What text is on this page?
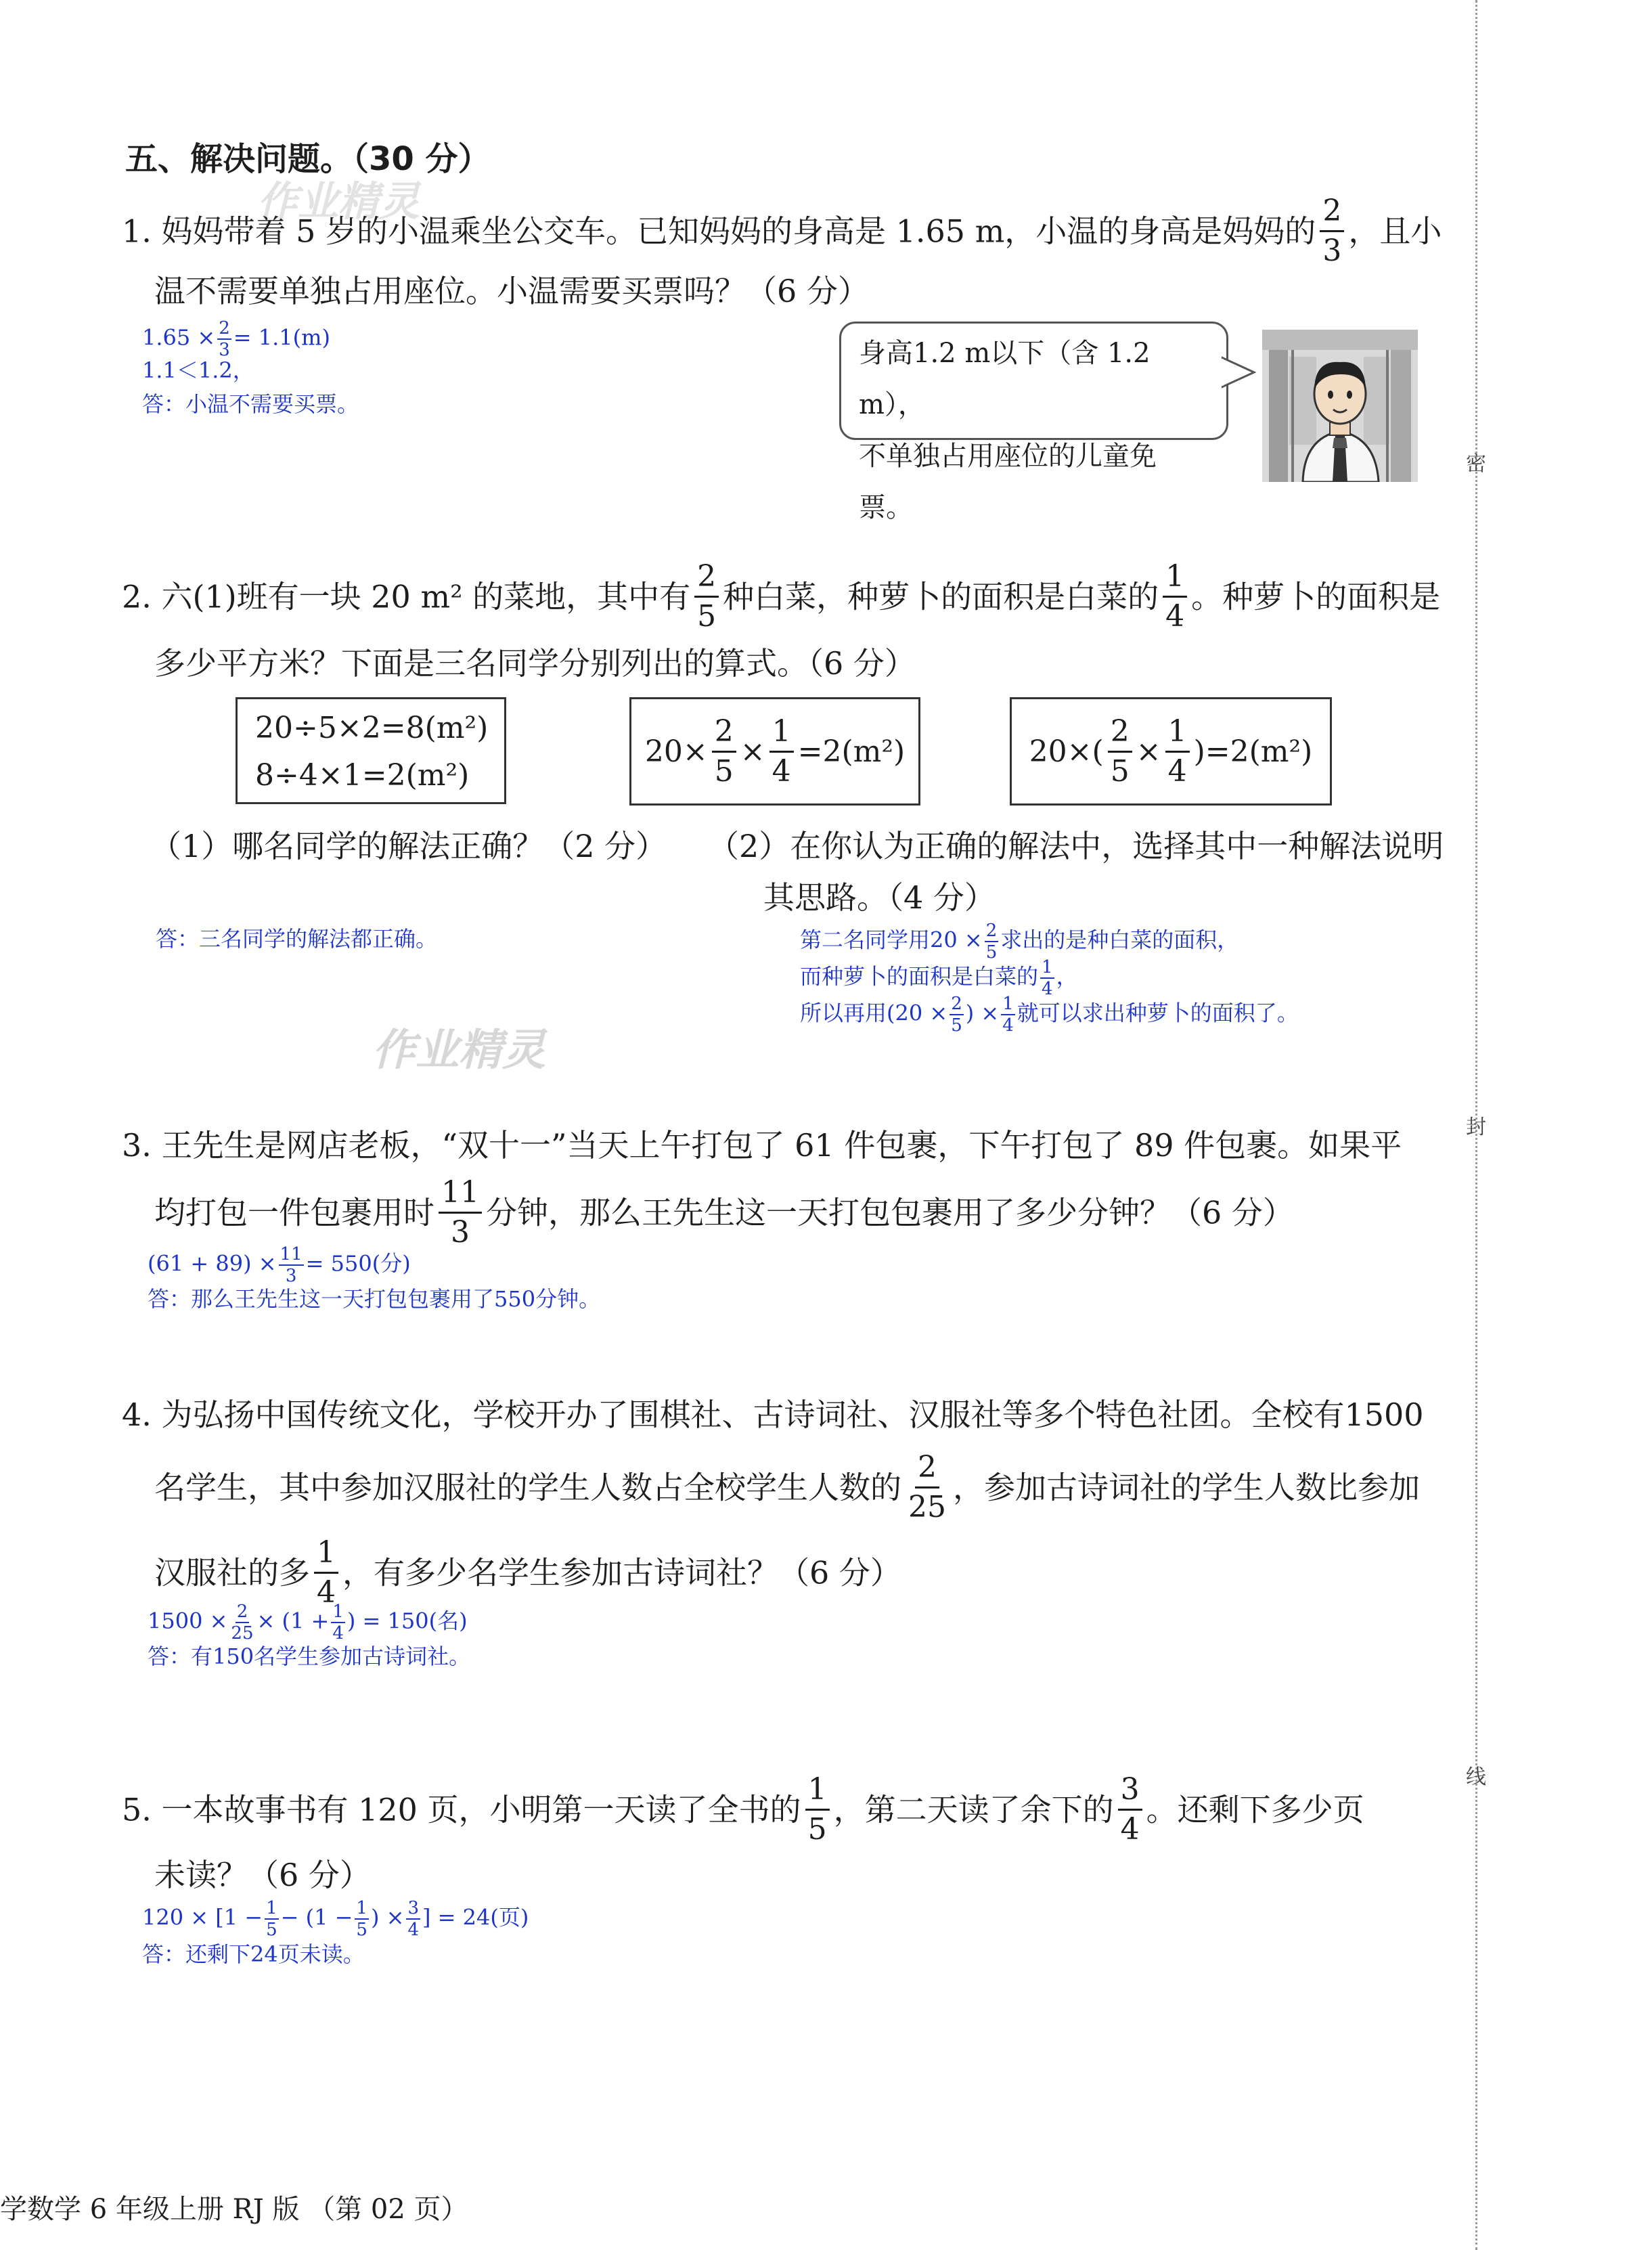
作业精灵
作业精灵
密
封
线
五、解决问题。（30 分）
1. 妈妈带着 5 岁的小温乘坐公交车。已知妈妈的身高是 1.65 m，小温的身高是妈妈的 $\frac{2}{3}$ ，且小
温不需要单独占用座位。小温需要买票吗？（6 分）
$1.65 \times \frac{2}{3} = 1.1(m)$
1.1＜1.2，
答：小温不需要买票。
身高1.2 m以下（含 1.2 m），
不单独占用座位的儿童免票。
2. 六(1)班有一块 20 m² 的菜地，其中有 $\frac{2}{5}$ 种白菜，种萝卜的面积是白菜的 $\frac{1}{4}$ 。种萝卜的面积是
多少平方米？下面是三名同学分别列出的算式。（6 分）
20÷5×2=8(m²)
8÷4×1=2(m²)
$20\times \frac{2}{5} \times \frac{1}{4} =2(m^2)$	$20\times( \frac{2}{5} \times \frac{1}{4} )=2(m^2)$
（1）哪名同学的解法正确？（2 分） （2）在你认为正确的解法中，选择其中一种解法说明
其思路。（4 分）
答：三名同学的解法都正确。	第二名同学用$20 \times \frac{2}{5}$ 求出的是种白菜的面积，
而种萝卜的面积是白菜的 $\frac{1}{4}$ ，
所以再用($20 \times \frac{2}{5}$ ) × $\frac{1}{4}$ 就可以求出种萝卜的面积了。
3. 王先生是网店老板，“双十一”当天上午打包了 61 件包裹，下午打包了 89 件包裹。如果平
均打包一件包裹用时 $\frac{11}{3}$ 分钟，那么王先生这一天打包包裹用了多少分钟？（6 分）
$(61 + 89) \times \frac{11}{3} = 550$(分)
答：那么王先生这一天打包包裹用了550分钟。
4. 为弘扬中国传统文化，学校开办了围棋社、古诗词社、汉服社等多个特色社团。全校有1500
名学生，其中参加汉服社的学生人数占全校学生人数的 $\frac{2}{25}$ ，参加古诗词社的学生人数比参加
汉服社的多 $\frac{1}{4}$ ，有多少名学生参加古诗词社？（6 分）
$1500 \times \frac{2}{25} \times (1 + \frac{1}{4}$ ) = 150(名)
答：有150名学生参加古诗词社。
5. 一本故事书有 120 页，小明第一天读了全书的 $\frac{1}{5}$ ，第二天读了余下的 $\frac{3}{4}$ 。还剩下多少页
未读？（6 分）
$120 \times [1 - \frac{1}{5} - (1 - \frac{1}{5}$ ) × $\frac{3}{4}$ ] = 24(页)
答：还剩下24页未读。
学数学 6 年级上册 RJ 版 （第 02 页）
